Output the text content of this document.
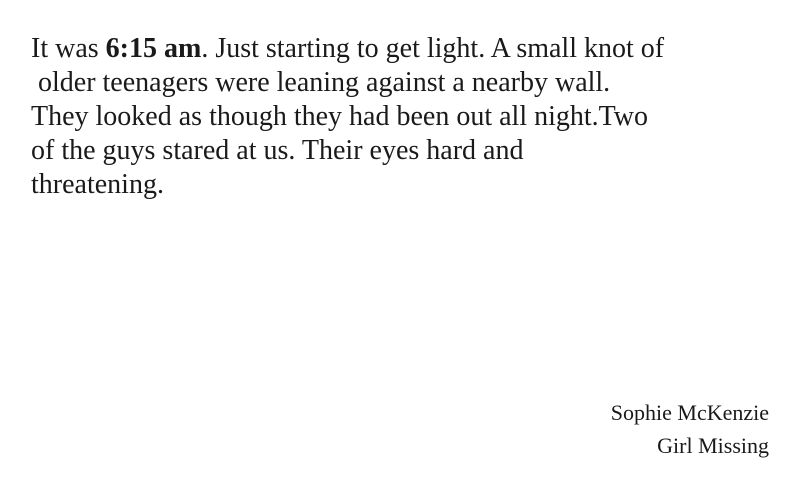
It was 6:15 am. Just starting to get light. A small knot of
older teenagers were leaning against a nearby wall.
They looked as though they had been out all night.Two
of the guys stared at us. Their eyes hard and
threatening.
Sophie McKenzie
Girl Missing
